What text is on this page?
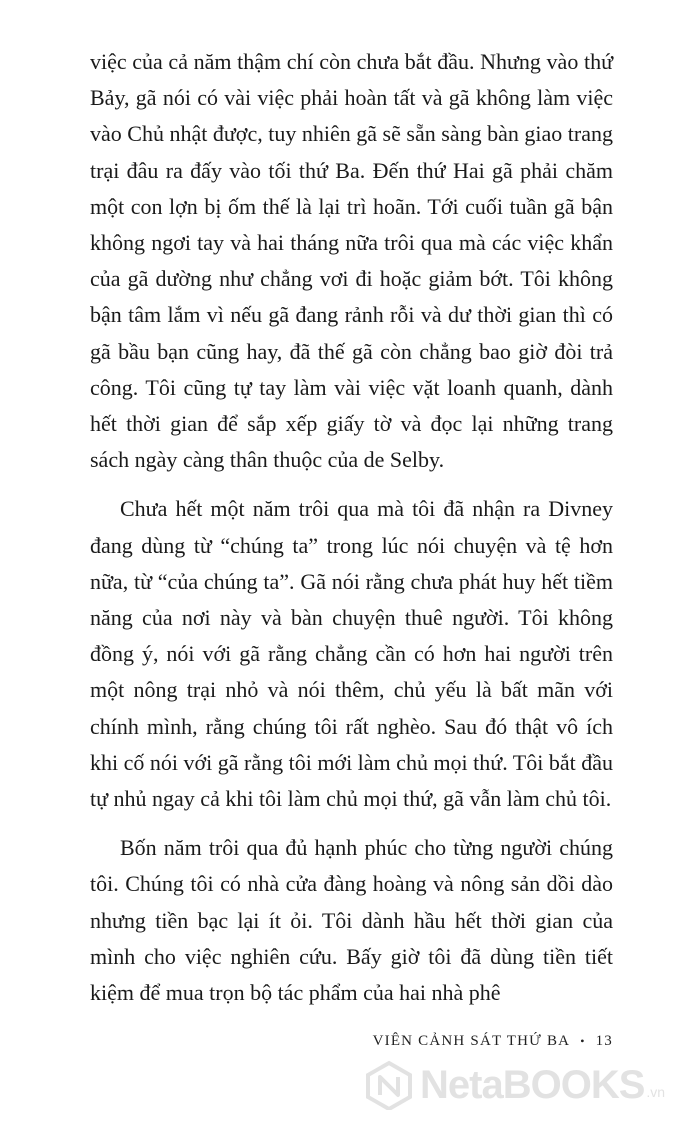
việc của cả năm thậm chí còn chưa bắt đầu. Nhưng vào thứ Bảy, gã nói có vài việc phải hoàn tất và gã không làm việc vào Chủ nhật được, tuy nhiên gã sẽ sẵn sàng bàn giao trang trại đâu ra đấy vào tối thứ Ba. Đến thứ Hai gã phải chăm một con lợn bị ốm thế là lại trì hoãn. Tới cuối tuần gã bận không ngơi tay và hai tháng nữa trôi qua mà các việc khẩn của gã dường như chẳng vơi đi hoặc giảm bớt. Tôi không bận tâm lắm vì nếu gã đang rảnh rỗi và dư thời gian thì có gã bầu bạn cũng hay, đã thế gã còn chẳng bao giờ đòi trả công. Tôi cũng tự tay làm vài việc vặt loanh quanh, dành hết thời gian để sắp xếp giấy tờ và đọc lại những trang sách ngày càng thân thuộc của de Selby.

Chưa hết một năm trôi qua mà tôi đã nhận ra Divney đang dùng từ “chúng ta” trong lúc nói chuyện và tệ hơn nữa, từ “của chúng ta”. Gã nói rằng chưa phát huy hết tiềm năng của nơi này và bàn chuyện thuê người. Tôi không đồng ý, nói với gã rằng chẳng cần có hơn hai người trên một nông trại nhỏ và nói thêm, chủ yếu là bất mãn với chính mình, rằng chúng tôi rất nghèo. Sau đó thật vô ích khi cố nói với gã rằng tôi mới làm chủ mọi thứ. Tôi bắt đầu tự nhủ ngay cả khi tôi làm chủ mọi thứ, gã vẫn làm chủ tôi.

Bốn năm trôi qua đủ hạnh phúc cho từng người chúng tôi. Chúng tôi có nhà cửa đàng hoàng và nông sản dồi dào nhưng tiền bạc lại ít ỏi. Tôi dành hầu hết thời gian của mình cho việc nghiên cứu. Bấy giờ tôi đã dùng tiền tiết kiệm để mua trọn bộ tác phẩm của hai nhà phê

VIÊN CẢNH SÁT THỨ BA • 13
NetaBOOKS .vn
